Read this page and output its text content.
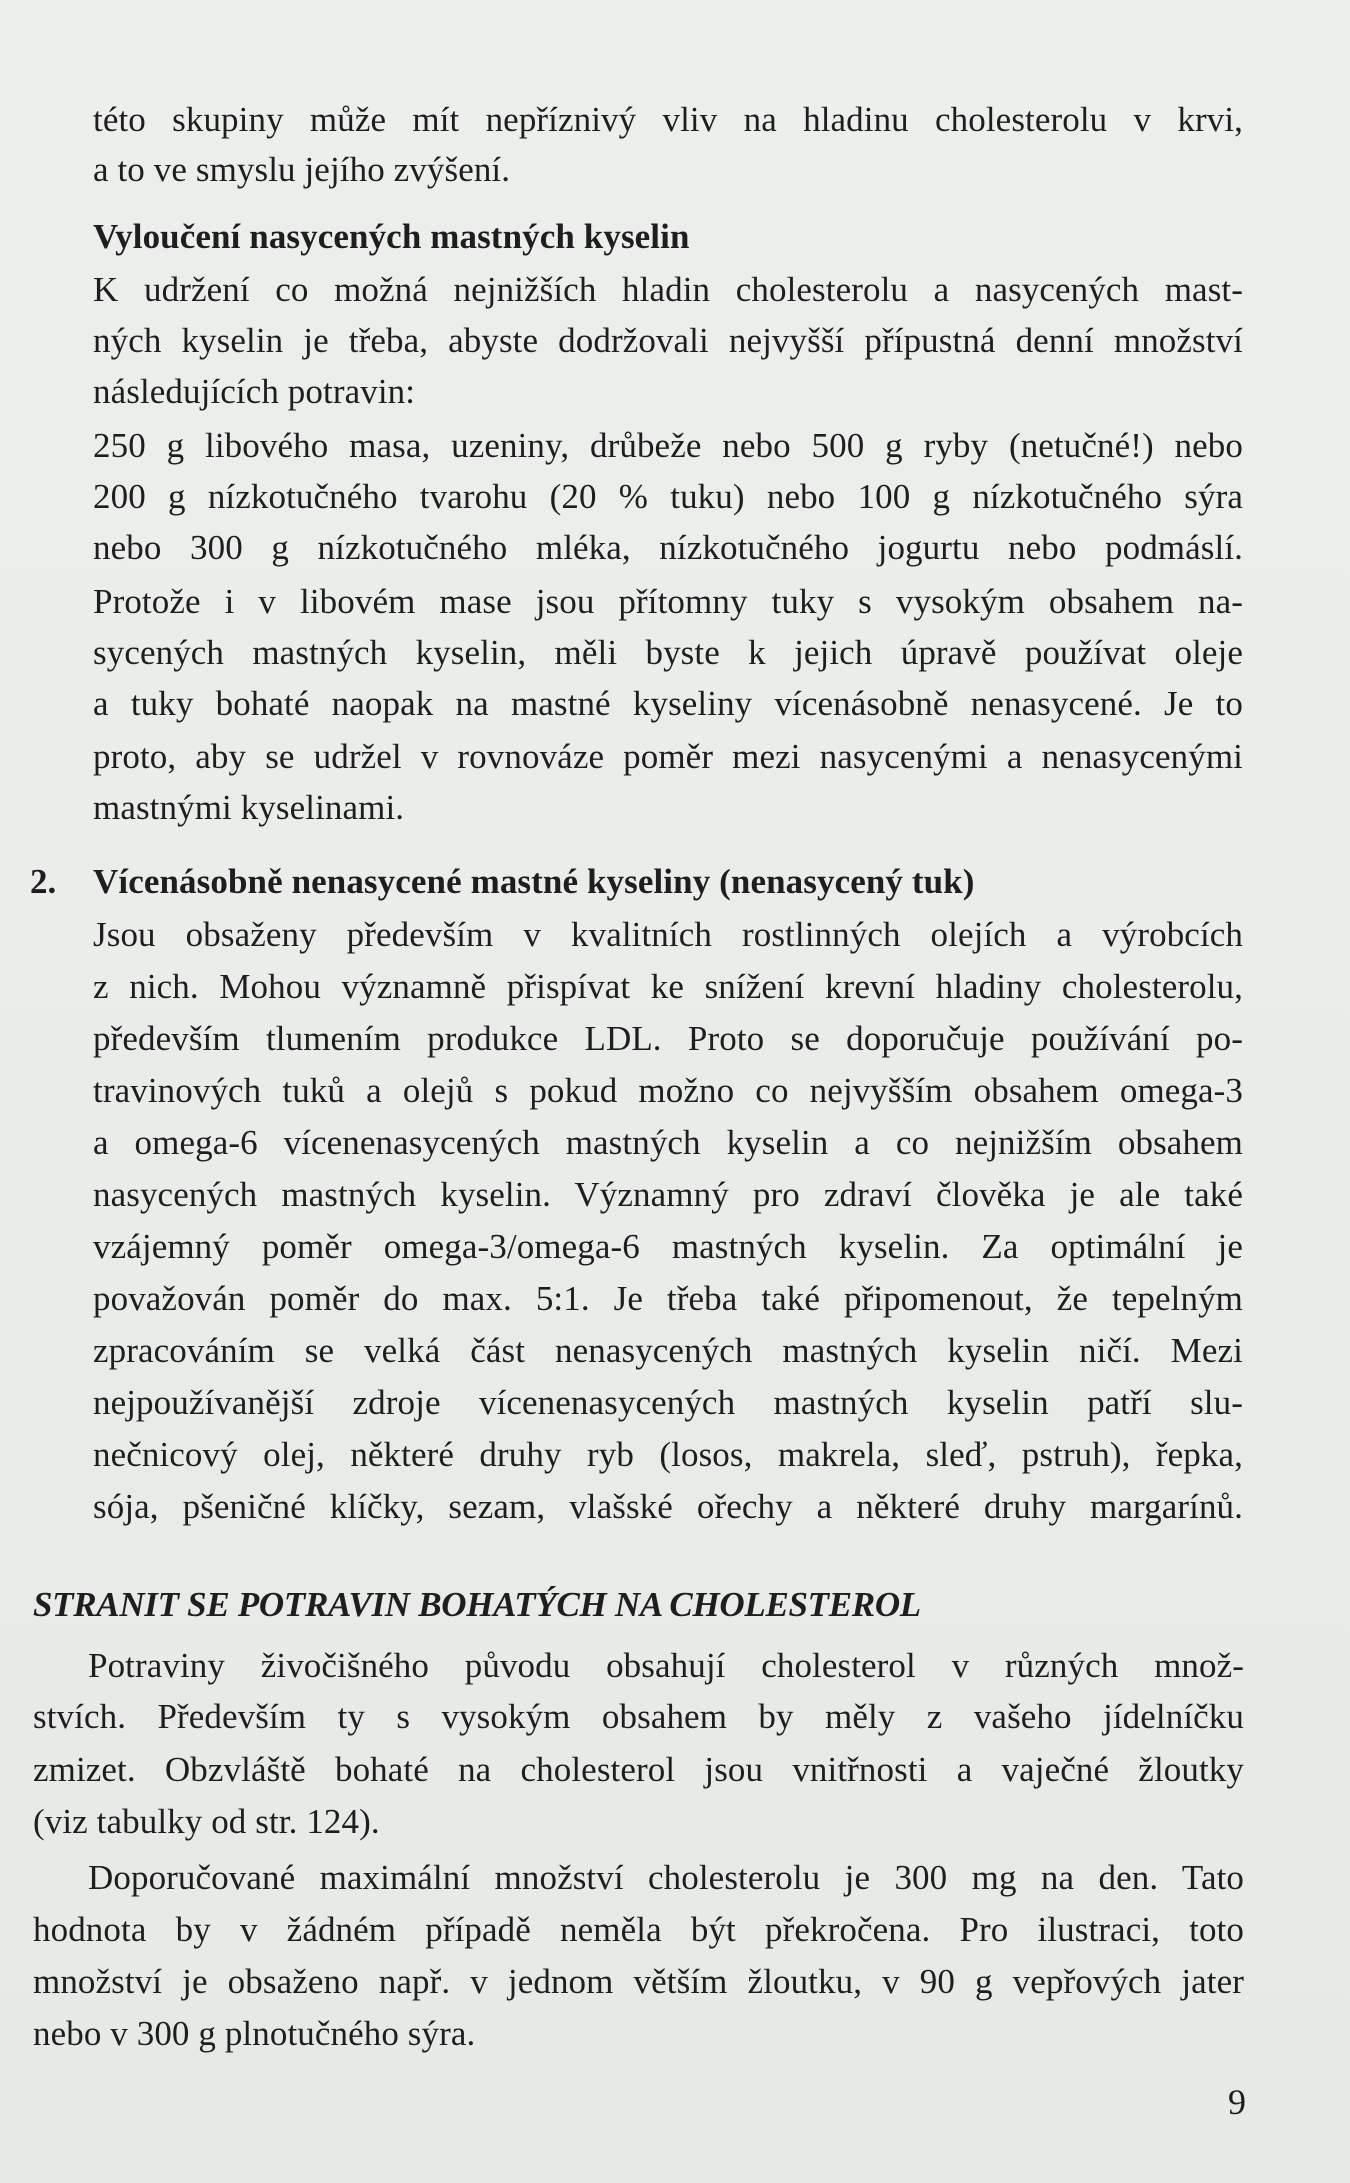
této skupiny může mít nepříznivý vliv na hladinu cholesterolu v krvi,
a to ve smyslu jejího zvýšení.
Vyloučení nasycených mastných kyselin
K udržení co možná nejnižších hladin cholesterolu a nasycených mast-
ných kyselin je třeba, abyste dodržovali nejvyšší přípustná denní množství
následujících potravin:
250 g libového masa, uzeniny, drůbeže nebo 500 g ryby (netučné!) nebo
200 g nízkotučného tvarohu (20 % tuku) nebo 100 g nízkotučného sýra
nebo 300 g nízkotučného mléka, nízkotučného jogurtu nebo podmáslí.
Protože i v libovém mase jsou přítomny tuky s vysokým obsahem na-
sycených mastných kyselin, měli byste k jejich úpravě používat oleje
a tuky bohaté naopak na mastné kyseliny vícenásobně nenasycené. Je to
proto, aby se udržel v rovnováze poměr mezi nasycenými a nenasycenými
mastnými kyselinami.
2. Vícenásobně nenasycené mastné kyseliny (nenasycený tuk)
Jsou obsaženy především v kvalitních rostlinných olejích a výrobcích
z nich. Mohou významně přispívat ke snížení krevní hladiny cholesterolu,
především tlumením produkce LDL. Proto se doporučuje používání po-
travinových tuků a olejů s pokud možno co nejvyšším obsahem omega-3
a omega-6 vícenenasycených mastných kyselin a co nejnižším obsahem
nasycených mastných kyselin. Významný pro zdraví člověka je ale také
vzájemný poměr omega-3/omega-6 mastných kyselin. Za optimální je
považován poměr do max. 5:1. Je třeba také připomenout, že tepelným
zpracováním se velká část nenasycených mastných kyselin ničí. Mezi
nejpoužívanější zdroje vícenenasycených mastných kyselin patří slu-
nečnicový olej, některé druhy ryb (losos, makrela, sleď, pstruh), řepka,
sója, pšeničné klíčky, sezam, vlašské ořechy a některé druhy margarínů.
STRANIT SE POTRAVIN BOHATÝCH NA CHOLESTEROL
Potraviny živočišného původu obsahují cholesterol v různých množ-
stvích. Především ty s vysokým obsahem by měly z vašeho jídelníčku
zmizet. Obzvláště bohaté na cholesterol jsou vnitřnosti a vaječné žloutky
(viz tabulky od str. 124).
Doporučované maximální množství cholesterolu je 300 mg na den. Tato
hodnota by v žádném případě neměla být překročena. Pro ilustraci, toto
množství je obsaženo např. v jednom větším žloutku, v 90 g vepřových jater
nebo v 300 g plnotučného sýra.
9
